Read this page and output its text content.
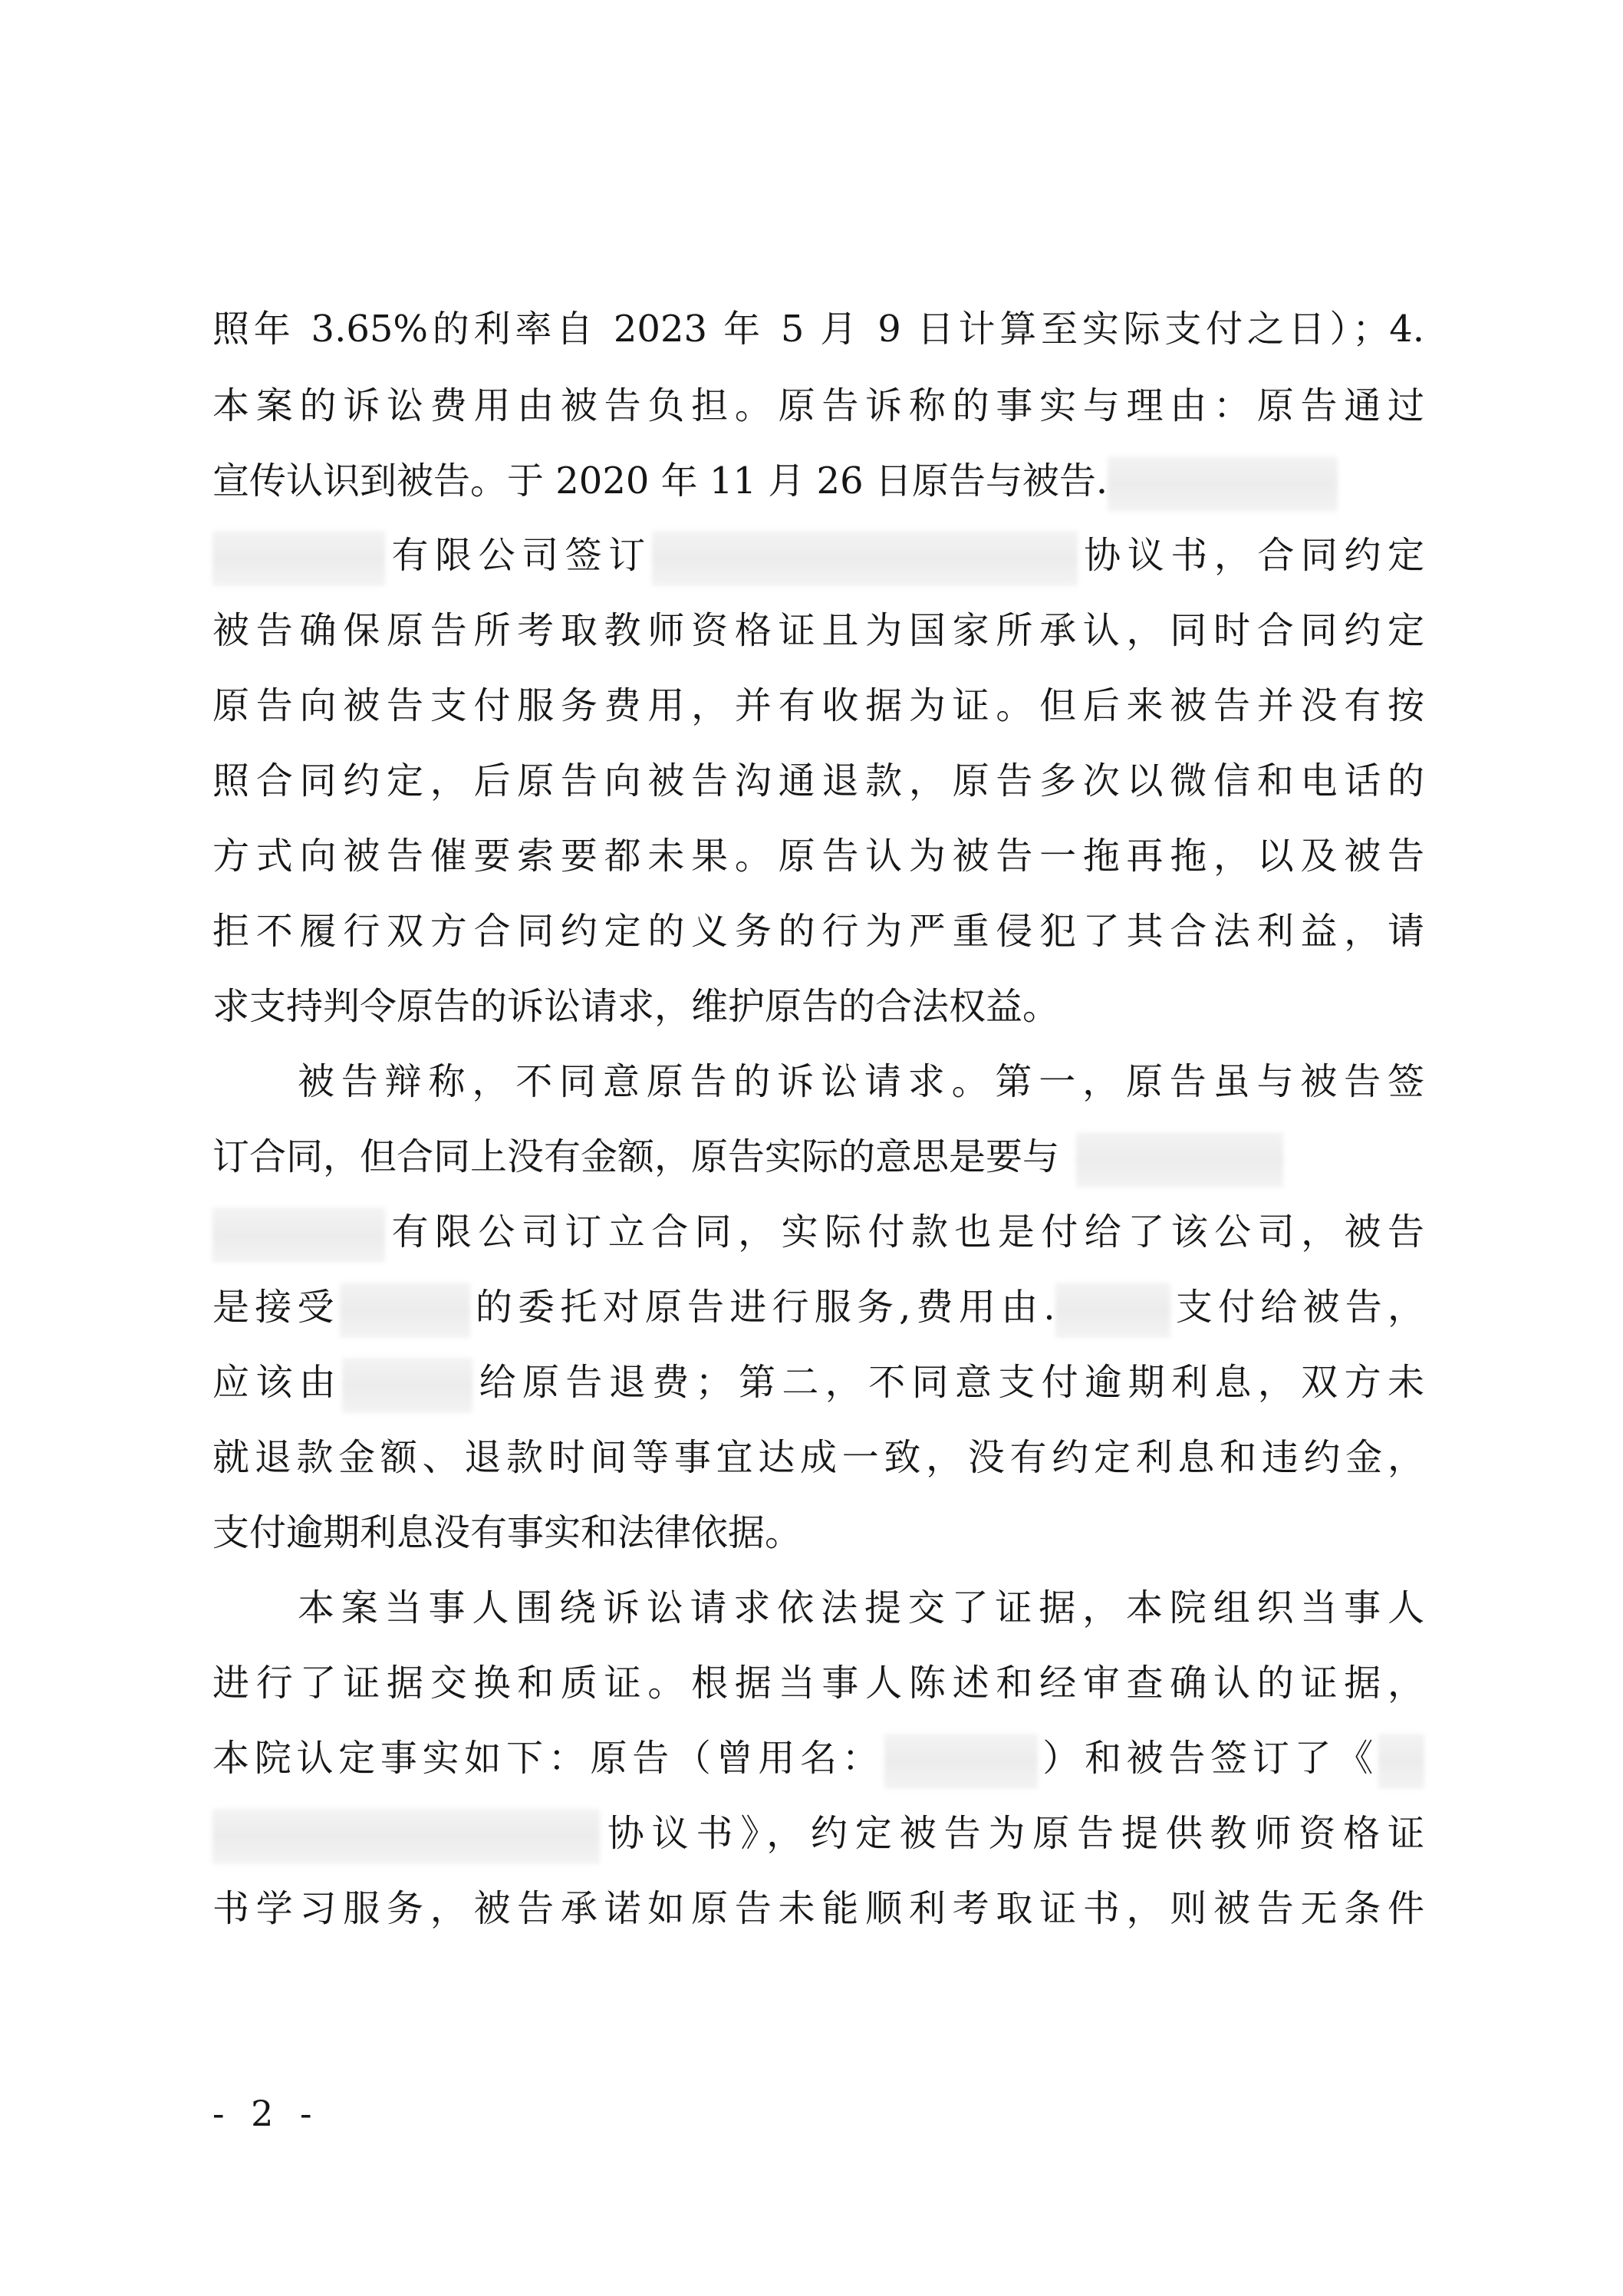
照年 3.65%的利率自 2023 年 5 月 9 日计算至实际支付之日）；4.
本案的诉讼费用由被告负担。原告诉称的事实与理由：原告通过
宣传认识到被告。于 2020 年 11 月 26 日原告与被告.
有限公司签订	协议书，合同约定
被告确保原告所考取教师资格证且为国家所承认，同时合同约定
原告向被告支付服务费用，并有收据为证。但后来被告并没有按
照合同约定，后原告向被告沟通退款，原告多次以微信和电话的
方式向被告催要索要都未果。原告认为被告一拖再拖，以及被告
拒不履行双方合同约定的义务的行为严重侵犯了其合法利益，请
求支持判令原告的诉讼请求，维护原告的合法权益。
被告辩称，不同意原告的诉讼请求。第一，原告虽与被告签
订合同，但合同上没有金额，原告实际的意思是要与
有限公司订立合同，实际付款也是付给了该公司，被告
是接受	的委托对原告进行服务,费用由.	支付给被告，
应该由	给原告退费；第二，不同意支付逾期利息，双方未
就退款金额、退款时间等事宜达成一致，没有约定利息和违约金，
支付逾期利息没有事实和法律依据。
本案当事人围绕诉讼请求依法提交了证据，本院组织当事人
进行了证据交换和质证。根据当事人陈述和经审查确认的证据，
本院认定事实如下：原告（曾用名：	）和被告签订了《
协议书》，约定被告为原告提供教师资格证
书学习服务，被告承诺如原告未能顺利考取证书，则被告无条件
- 2 -
